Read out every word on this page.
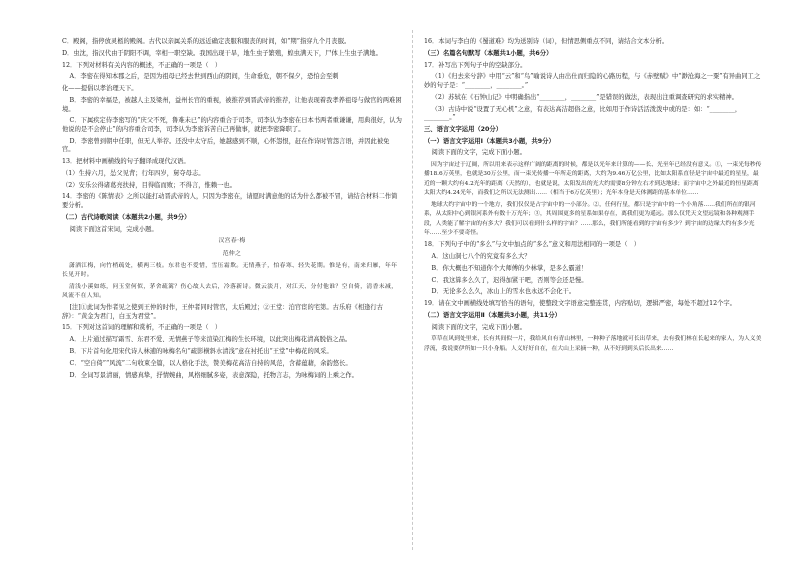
C．殿阁，指停放灵柩的殿阁。古代以亲属关系的远近确定丧服和服丧的时间，如“期”指穿九个月丧服。

D．虫沈，指汉代由于阴阳不调，宰相一职空缺。我国出现干旱，地生虫子繁殖，蝗虫满天下，尸体上生虫子满地。

12．下列对材料有关内容的概述，不正确的一项是（　）

A．李密在得知本郡之后，是因为祖母已经去世到西山的阴间，生命垂危，朝不保夕，恐怕会至刺

化——提倡以孝治理天下。

B．李密的幸福是，被越人主及梁州，益州长官的重视，被推荐到晋武帝的推荐，让他表现着我孝养祖母与做官的两难困境。

C．下属疾定侍李密写的“庆父不死，鲁难未已”的内容重合于司李，司李认为李密在日本书两者重谦谦，用典很好，认为他说的是不会停止”的内容重合司李，司李认为李密诉苦自己再做事，就把李密降职了。

D．李密曾到朝中任职，但无人举荐。还没中太守后，她越感到不顺，心怀怨恨，赶在作诗时管怨言语，并因此被免官。

13．把材料中画横线的句子翻译成现代汉语。

（1）生持六月，怂父见背；行年四岁，舅夺母志。

（2）安乐公得诸葛亮扶持，目得临而败；不得言，惟赖一也。

14．李密的《陈情表》之所以能打动晋武帝的人，只因为李密在，请愿时满意他的话为什么都被不冒，请结合材料二作简要分析。

（二）古代诗歌阅读（本题共2小题，共9分）

阅读下面这首宋词，完成小题。

汉宫春·梅

范仲之

潇洒江梅，向竹梢疏处，横两三枝。东君也不爱惜，雪压霜欺。无情燕子，怕春寒、轻失花期。惟是有，南来归雁，年年长见开时。

清浅小溪如练，问玉堂何似，茅舍疏篱？伤心故人去后，冷落新诗。微云淡月，对江天、分付他谁？空自倚，清香未减，风流不在人知。

[注]①此词为作者见之使到王仲的时作，王仲者同时管官，太后殿过；②王堂：泊官宦的宅第。古乐府《相逢行古辞》：“黄金为君门，白玉为君堂”。

15．下列对这首词的理解和赏析，不正确的一项是（　）

A．上片通过描写霜雪、东君不爱、无情燕子等来渲染江梅的生长环境，以此突出梅花清高脱俗之品。

B．下片首句化用宋代诗人林逋的咏梅名句“疏影横斜水清浅”意在衬托出“王堂”中梅花的风采。

C．“空自倚”“风流”二句收束全篇，以人格化手法，赞美梅花高洁自持的风范，含蓄蕴藉，余韵悠长。

D．全词写景清丽，情感真挚，抒情婉曲，风格细腻多姿，表意深隐，托物言志，为咏梅词的上乘之作。

16．本词与李白的《蜀道难》均为送别诗（词），但情思侧重点不同，请结合文本分析。

（三）名篇名句默写（本题共1小题，共6分）

17．补写出下列句子中的空缺部分。

（1）《归去来兮辞》中用“云”和“鸟”喻说诗人由出仕而归隐的心路历程，与《赤壁赋》中“渺沧海之一粟”有异曲同工之妙的句子是：“________，________。”

（2）苏轼在《石钟山记》中明确指出“________，________”是错误的做法，表现出注重调查研究的求实精神。

（3）古诗中说“设置了无心机”之意，有表达高洁超俗之意，比如用于作诗活活泼泼中或的是：如：“________，________。”

三、语言文字运用（20分）

（一）语言文字运用Ⅰ（本题共3小题，共9分）

阅读下面的文字，完成下面小题。

因为宇宙过于辽阔，所以用来表示这样广阔的距离的时候，都是以光年来计算的——长、光至年已经没有意义。①，一束光每秒传播18.6万英里，也就是30万公里，而一束光传播一年所走的距离，大约为9.46万亿公里，比如太阳系直径是宇宙中最近的星星，最近的一颗大约有4.2光年的距离（天然的），也就是说，太阳发出的光大约需要8分钟左右才到达地球；而宇宙中之外最近的恒星距离太阳大约4.24光年，而我们之所以无法测出……（相当于6万亿英里）；光年本身是天体测距的基本单位……

地球大约宇宙中的一个地方，我们仅仅是占宇宙中的一小部分。②，任何行星，都只是宇宙中的一个小角落……我们所在的银河系，从太阳中心到银河系外有数十万光年；③，其周围更多的星系如果存在，离我们更为遥远。那么仅凭天文望远镜和各种观测手段，人类能了解宇宙的有多大？我们可以看到什么样的宇宙？……那么，我们所能看到的宇宙有多少？到宇宙的边缘大约有多少光年……至少不要奇怪。

18．下列句子中的“多么”与文中加点的“多么”意义和用法相同的一项是（　）

A．这山洞七八个的究竟有多么大？

B．你大概也不知道你个大师傅的少林掌，是多么霸道！

C．我这算多么久了，迟得加紧干吧，否则等会还是慢。

D．无论多么么久，冰山上的雪水也永远不会化干。

19．请在文中画横线处填写恰当的语句，使整段文字语意完整连贯，内容贴切，逻辑严密，每处不超过12个字。

（二）语言文字运用Ⅱ（本题共3小题，共11分）

阅读下面的文字，完成下面小题。

草草在风到处里来，长有其间似一片，我给风自有青山林里，一种种子落地就可长出草来，去有我们林在长起来的家人，为人义美浮流，我说要伊所如一只小身船。人义好好自在，在大山上采摘一种，从不好到到头后长出来……
